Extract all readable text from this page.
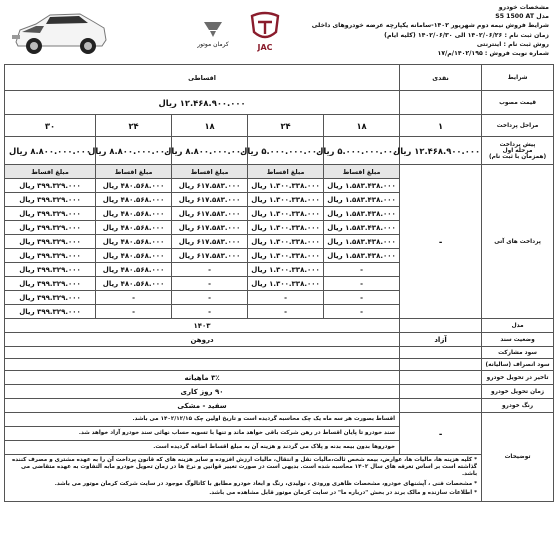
کرمان موتور	JAC
مشخصات خودرو
مدل S5 1500 AT
شرایط فروش نیمه دوم شهریور ۱۴۰۲-سامانه یکپارچه عرضه خودروهای داخلی
زمان ثبت نام : ۱۴۰۲/۰۶/۲۶ الی ۱۴۰۲/۰۶/۳۰ (کلیه ایام)
روش ثبت نام : اینترنتی
شماره نوبت فروش : ۱۴۰۲/۱۹۵/م/۱۷
شرایط	نقدی	اقساطی				
قیمت مصوب		۱۲.۴۶۸.۹۰۰.۰۰۰ ریال				
مراحل پرداخت	۱	۱۸	۲۴	۱۸	۲۴	۳۰

پیش پرداخت
مرحله اول
(همزمان با ثبت نام)	۱۲.۴۶۸.۹۰۰.۰۰۰ ریال	۵.۰۰۰.۰۰۰.۰۰۰ ریال	۵.۰۰۰.۰۰۰.۰۰۰ ریال	۸.۸۰۰.۰۰۰.۰۰۰ ریال	۸.۸۰۰.۰۰۰.۰۰۰ ریال	۸.۸۰۰.۰۰۰.۰۰۰ ریال
پرداخت های آتی	-	مبلغ اقساط	مبلغ اقساط	مبلغ اقساط	مبلغ اقساط	مبلغ اقساط
		۱.۵۸۳.۴۳۸.۰۰۰ ریال	۱.۳۰۰.۳۳۸.۰۰۰ ریال	۶۱۷.۵۸۳.۰۰۰ ریال	۴۸۰.۵۶۸.۰۰۰ ریال	۳۹۹.۳۲۹.۰۰۰ ریال
		۱.۵۸۳.۴۳۸.۰۰۰ ریال	۱.۳۰۰.۳۳۸.۰۰۰ ریال	۶۱۷.۵۸۳.۰۰۰ ریال	۴۸۰.۵۶۸.۰۰۰ ریال	۳۹۹.۳۲۹.۰۰۰ ریال
		۱.۵۸۳.۴۳۸.۰۰۰ ریال	۱.۳۰۰.۳۳۸.۰۰۰ ریال	۶۱۷.۵۸۳.۰۰۰ ریال	۴۸۰.۵۶۸.۰۰۰ ریال	۳۹۹.۳۲۹.۰۰۰ ریال
		۱.۵۸۳.۴۳۸.۰۰۰ ریال	۱.۳۰۰.۳۳۸.۰۰۰ ریال	۶۱۷.۵۸۳.۰۰۰ ریال	۴۸۰.۵۶۸.۰۰۰ ریال	۳۹۹.۳۲۹.۰۰۰ ریال
		۱.۵۸۳.۴۳۸.۰۰۰ ریال	۱.۳۰۰.۳۳۸.۰۰۰ ریال	۶۱۷.۵۸۳.۰۰۰ ریال	۴۸۰.۵۶۸.۰۰۰ ریال	۳۹۹.۳۲۹.۰۰۰ ریال
		۱.۵۸۳.۴۳۸.۰۰۰ ریال	۱.۳۰۰.۳۳۸.۰۰۰ ریال	۶۱۷.۵۸۳.۰۰۰ ریال	۴۸۰.۵۶۸.۰۰۰ ریال	۳۹۹.۳۲۹.۰۰۰ ریال
		-	۱.۳۰۰.۳۳۸.۰۰۰ ریال	-	۴۸۰.۵۶۸.۰۰۰ ریال	۳۹۹.۳۲۹.۰۰۰ ریال
		-	۱.۳۰۰.۳۳۸.۰۰۰ ریال	-	۴۸۰.۵۶۸.۰۰۰ ریال	۳۹۹.۳۲۹.۰۰۰ ریال
		-	-	-	-	۳۹۹.۳۲۹.۰۰۰ ریال
		-	-	-	-	۳۹۹.۳۲۹.۰۰۰ ریال
مدل		۱۴۰۳				
وضعیت سند	آزاد	درو‌هن				
سود مشارکت						
سود انصراف (سالیانه)						
تاخیر در تحویل خودرو		۳٪ ماهیانه				
زمان تحویل خودرو		۹۰ روز کاری				
رنگ خودرو		سفید - مشکی				
توضیحات	-	اقساط بصورت هر سه ماه یک چک محاسبه گردیده است و تاریخ اولین چک ۱۴۰۲/۱۲/۱۵ می باشد.				
		سند خودرو تا پایان اقساط در رهن شرکت باقی خواهد ماند و تنها با تسویه حساب نهائی سند خودرو آزاد خواهد شد.				
		خودروها بدون بیمه بدنه و پلاک می گردند و هزینه آن به مبلغ اقساط اضافه گردیده است.				

	* کلیه هزینه ها، مالیات ها، عوارض، بیمه شخص ثالث،مالیات نقل و انتقال، مالیات ارزش افزوده و سایر هزینه های که قانون پرداخت آن را به عهده مشتری و مصرف کننده گذاشته است بر اساس تعرفه های سال ۱۴۰۲ محاسبه شده است. بدیهی است در صورت تغییر قوانین و نرخ ها در زمان تحویل خودرو مابه التفاوت به عهده متقاضی می باشد.
* مشخصات فنی ، آپشنهای خودرو، مشخصات ظاهری ورودی ، تولیدی، رنگ و ابعاد خودرو مطابق با کاتالوگ موجود در سایت شرکت کرمان موتور می باشد.
* اطلاعات سازنده و مالک برند در بخش "درباره ما" در سایت کرمان موتور قابل مشاهده می باشد.					
